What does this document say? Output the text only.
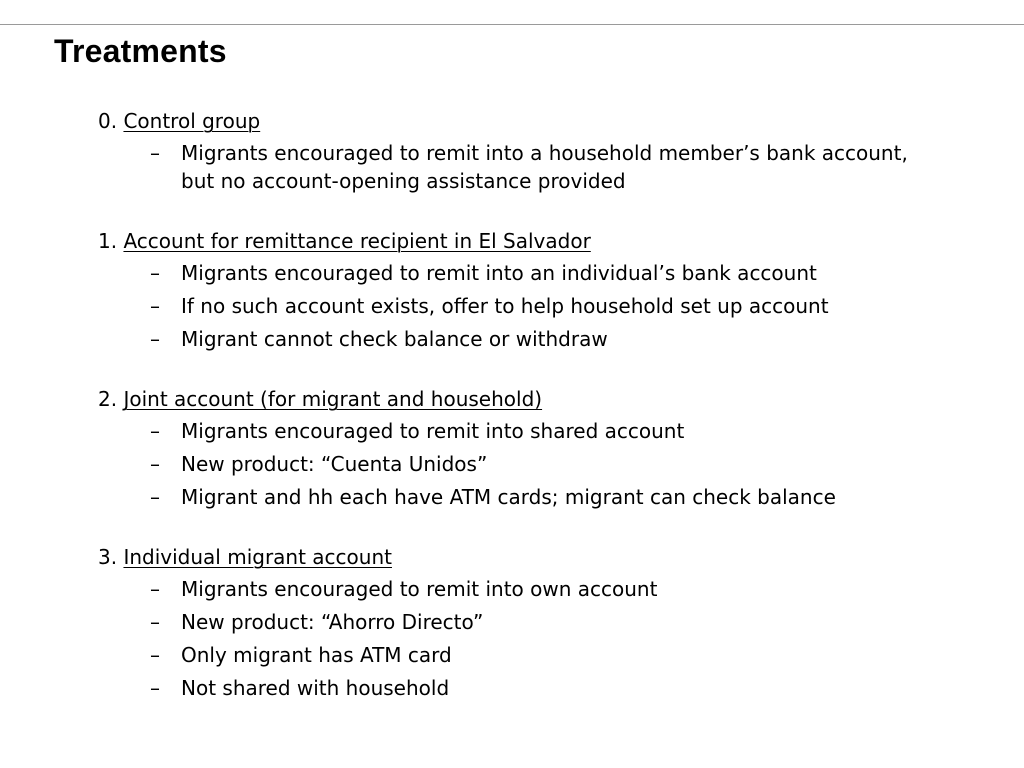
Treatments
0. Control group
– Migrants encouraged to remit into a household member’s bank account, but no account-opening assistance provided
1. Account for remittance recipient in El Salvador
– Migrants encouraged to remit into an individual’s bank account
– If no such account exists, offer to help household set up account
– Migrant cannot check balance or withdraw
2. Joint account (for migrant and household)
– Migrants encouraged to remit into shared account
– New product: “Cuenta Unidos”
– Migrant and hh each have ATM cards; migrant can check balance
3. Individual migrant account
– Migrants encouraged to remit into own account
– New product: “Ahorro Directo”
– Only migrant has ATM card
– Not shared with household
